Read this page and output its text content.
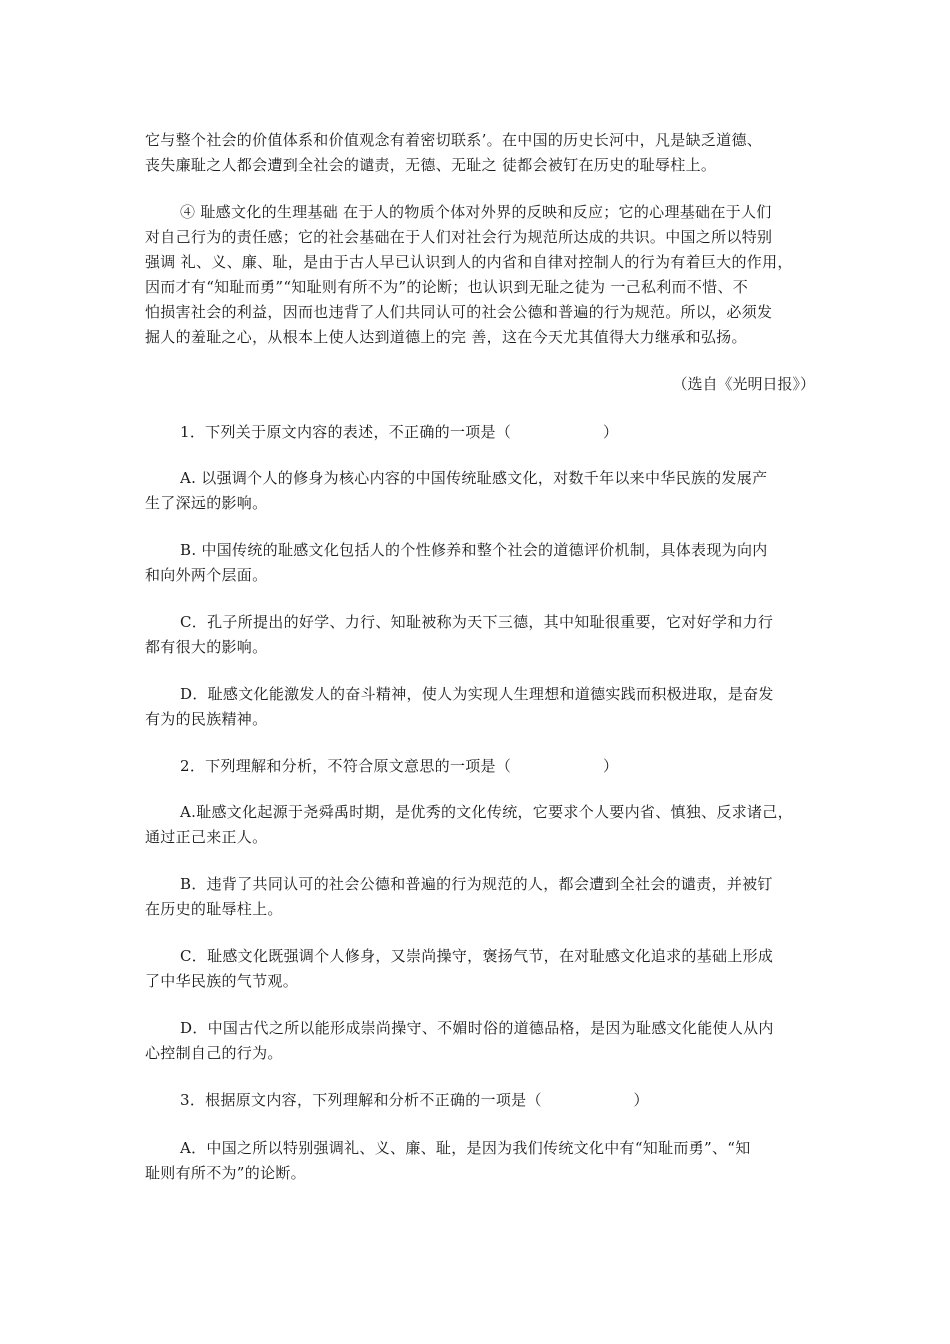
它与整个社会的价值体系和价值观念有着密切联系’。在中国的历史长河中，凡是缺乏道德、
丧失廉耻之人都会遭到全社会的谴责，无德、无耻之 徒都会被钉在历史的耻辱柱上。
④ 耻感文化的生理基础 在于人的物质个体对外界的反映和反应；它的心理基础在于人们
对自己行为的责任感；它的社会基础在于人们对社会行为规范所达成的共识。中国之所以特别
强调 礼、义、廉、耻，是由于古人早已认识到人的内省和自律对控制人的行为有着巨大的作用，
因而才有“知耻而勇”“知耻则有所不为”的论断；也认识到无耻之徒为 一己私利而不惜、不
怕损害社会的利益，因而也违背了人们共同认可的社会公德和普遍的行为规范。所以，必须发
掘人的羞耻之心，从根本上使人达到道德上的完 善，这在今天尤其值得大力继承和弘扬。
（选自《光明日报》）
1．下列关于原文内容的表述，不正确的一项是（　　　　　　）
A. 以强调个人的修身为核心内容的中国传统耻感文化，对数千年以来中华民族的发展产
生了深远的影响。
B. 中国传统的耻感文化包括人的个性修养和整个社会的道德评价机制，具体表现为向内
和向外两个层面。
C．孔子所提出的好学、力行、知耻被称为天下三德，其中知耻很重要，它对好学和力行
都有很大的影响。
D．耻感文化能激发人的奋斗精神，使人为实现人生理想和道德实践而积极进取，是奋发
有为的民族精神。
2．下列理解和分析，不符合原文意思的一项是（　　　　　　）
A.耻感文化起源于尧舜禹时期，是优秀的文化传统，它要求个人要内省、慎独、反求诸己，
通过正己来正人。
B．违背了共同认可的社会公德和普遍的行为规范的人，都会遭到全社会的谴责，并被钉
在历史的耻辱柱上。
C．耻感文化既强调个人修身，又崇尚操守，褒扬气节，在对耻感文化追求的基础上形成
了中华民族的气节观。
D．中国古代之所以能形成崇尚操守、不媚时俗的道德品格，是因为耻感文化能使人从内
心控制自己的行为。
3．根据原文内容，下列理解和分析不正确的一项是（　　　　　　）
A．中国之所以特别强调礼、义、廉、耻，是因为我们传统文化中有“知耻而勇”、“知
耻则有所不为”的论断。
